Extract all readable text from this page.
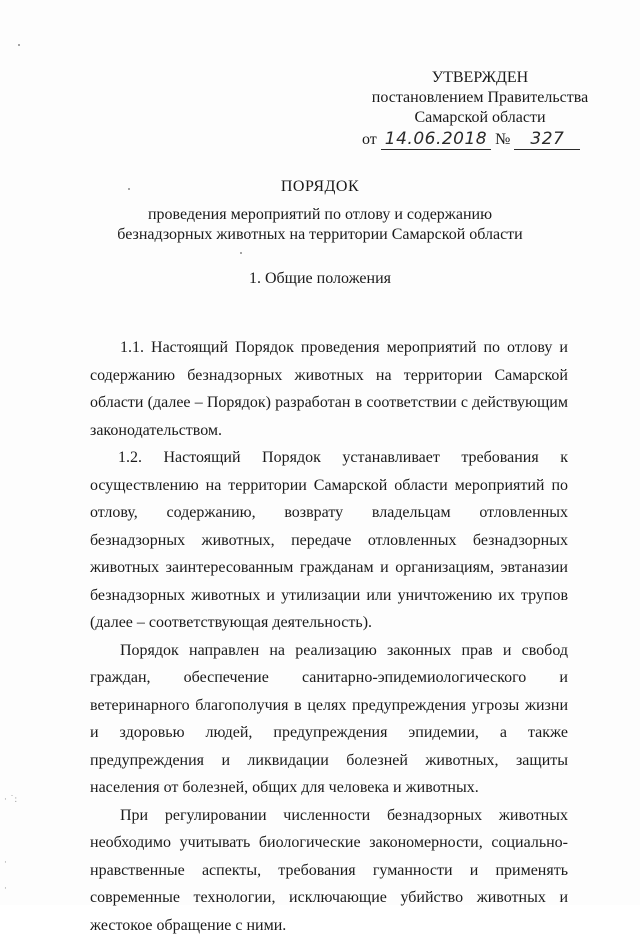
УТВЕРЖДЕН
постановлением Правительства
Самарской области
от 14.06.2018 № 327
ПОРЯДОК
проведения мероприятий по отлову и содержанию безнадзорных животных на территории Самарской области
1. Общие положения

1.1. Настоящий Порядок проведения мероприятий по отлову и содержанию безнадзорных животных на территории Самарской области (далее – Порядок) разработан в соответствии с действующим законодательством.

1.2. Настоящий Порядок устанавливает требования к осуществлению на территории Самарской области мероприятий по отлову, содержанию, возврату владельцам отловленных безнадзорных животных, передаче отловленных безнадзорных животных заинтересованным гражданам и организациям, эвтаназии безнадзорных животных и утилизации или уничтожению их трупов (далее – соответствующая деятельность).

Порядок направлен на реализацию законных прав и свобод граждан, обеспечение санитарно-эпидемиологического и ветеринарного благополучия в целях предупреждения угрозы жизни и здоровью людей, предупреждения эпидемии, а также предупреждения и ликвидации болезней животных, защиты населения от болезней, общих для человека и животных.

При регулировании численности безнадзорных животных необходимо учитывать биологические закономерности, социально-нравственные аспекты, требования гуманности и применять современные технологии, исключающие убийство животных и жестокое обращение с ними.

· ˙:
·
·
